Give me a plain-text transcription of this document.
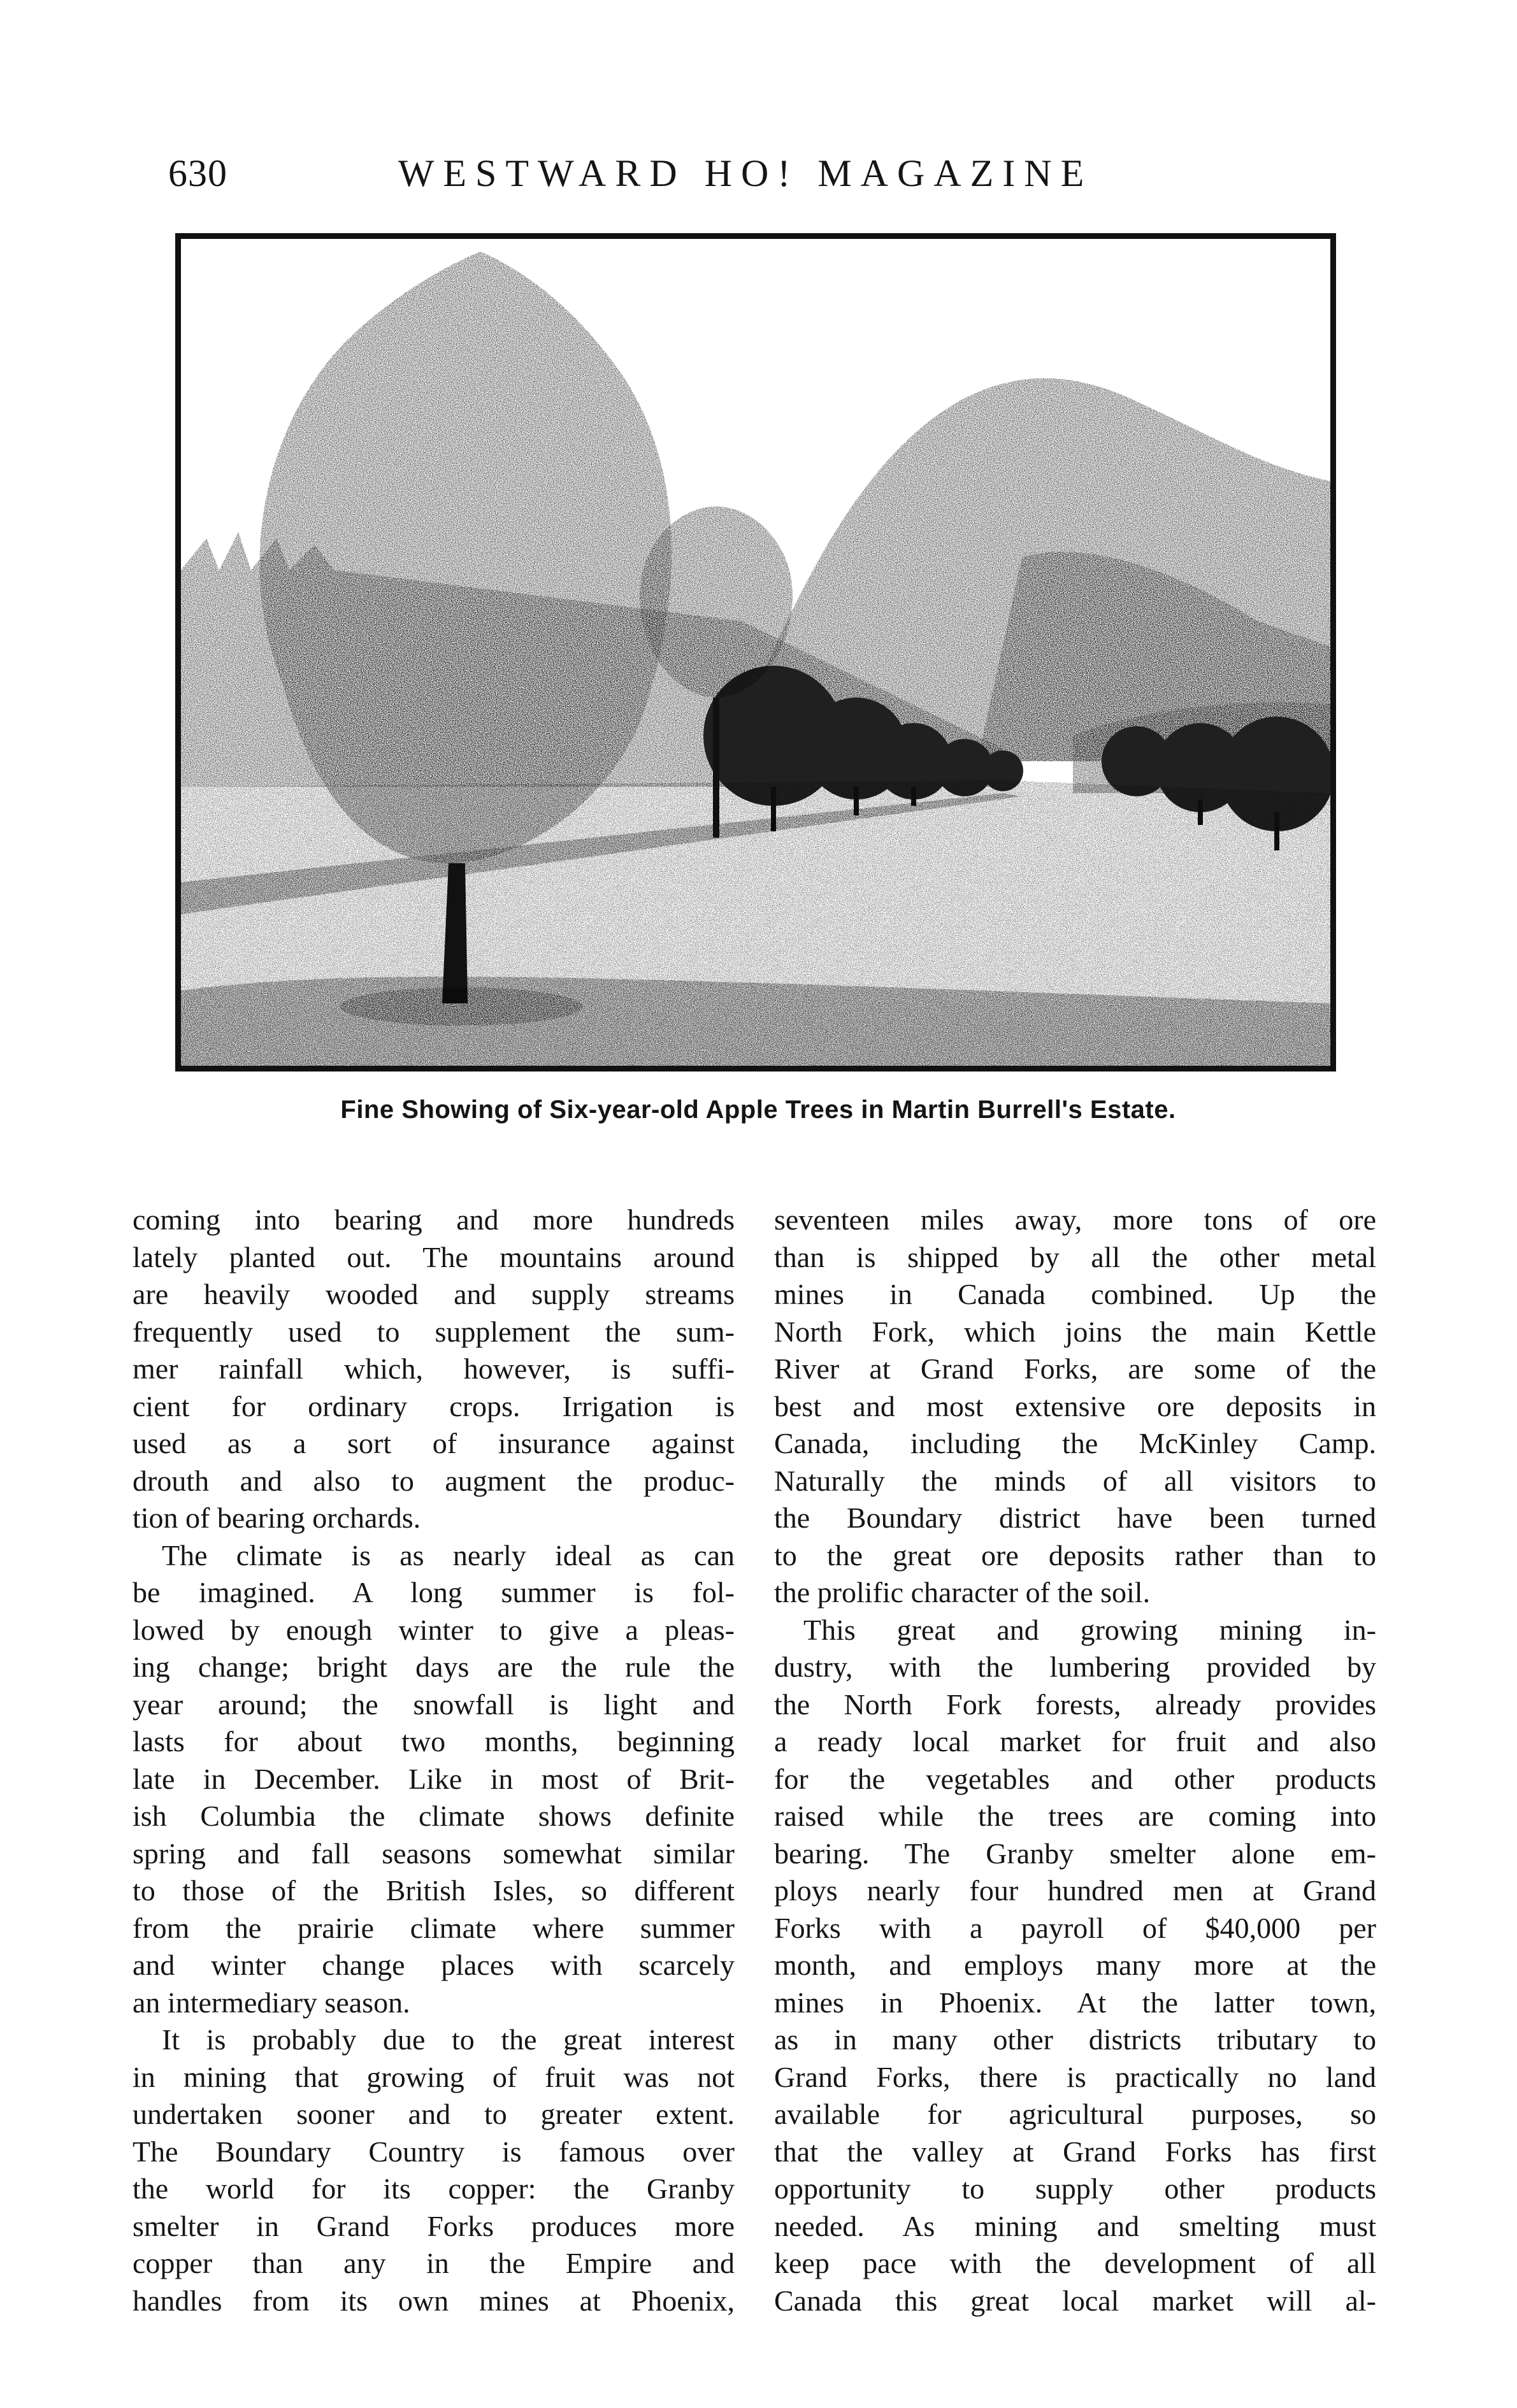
630	WESTWARD HO! MAGAZINE
Fine Showing of Six-year-old Apple Trees in Martin Burrell's Estate.
coming into bearing and more hundreds
lately planted out. The mountains around
are heavily wooded and supply streams
frequently used to supplement the sum-
mer rainfall which, however, is suffi-
cient for ordinary crops. Irrigation is
used as a sort of insurance against
drouth and also to augment the produc-
tion of bearing orchards.
The climate is as nearly ideal as can
be imagined. A long summer is fol-
lowed by enough winter to give a pleas-
ing change; bright days are the rule the
year around; the snowfall is light and
lasts for about two months, beginning
late in December. Like in most of Brit-
ish Columbia the climate shows definite
spring and fall seasons somewhat similar
to those of the British Isles, so different
from the prairie climate where summer
and winter change places with scarcely
an intermediary season.
It is probably due to the great interest
in mining that growing of fruit was not
undertaken sooner and to greater extent.
The Boundary Country is famous over
the world for its copper: the Granby
smelter in Grand Forks produces more
copper than any in the Empire and
handles from its own mines at Phoenix,
seventeen miles away, more tons of ore
than is shipped by all the other metal
mines in Canada combined. Up the
North Fork, which joins the main Kettle
River at Grand Forks, are some of the
best and most extensive ore deposits in
Canada, including the McKinley Camp.
Naturally the minds of all visitors to
the Boundary district have been turned
to the great ore deposits rather than to
the prolific character of the soil.
This great and growing mining in-
dustry, with the lumbering provided by
the North Fork forests, already provides
a ready local market for fruit and also
for the vegetables and other products
raised while the trees are coming into
bearing. The Granby smelter alone em-
ploys nearly four hundred men at Grand
Forks with a payroll of $40,000 per
month, and employs many more at the
mines in Phoenix. At the latter town,
as in many other districts tributary to
Grand Forks, there is practically no land
available for agricultural purposes, so
that the valley at Grand Forks has first
opportunity to supply other products
needed. As mining and smelting must
keep pace with the development of all
Canada this great local market will al-
